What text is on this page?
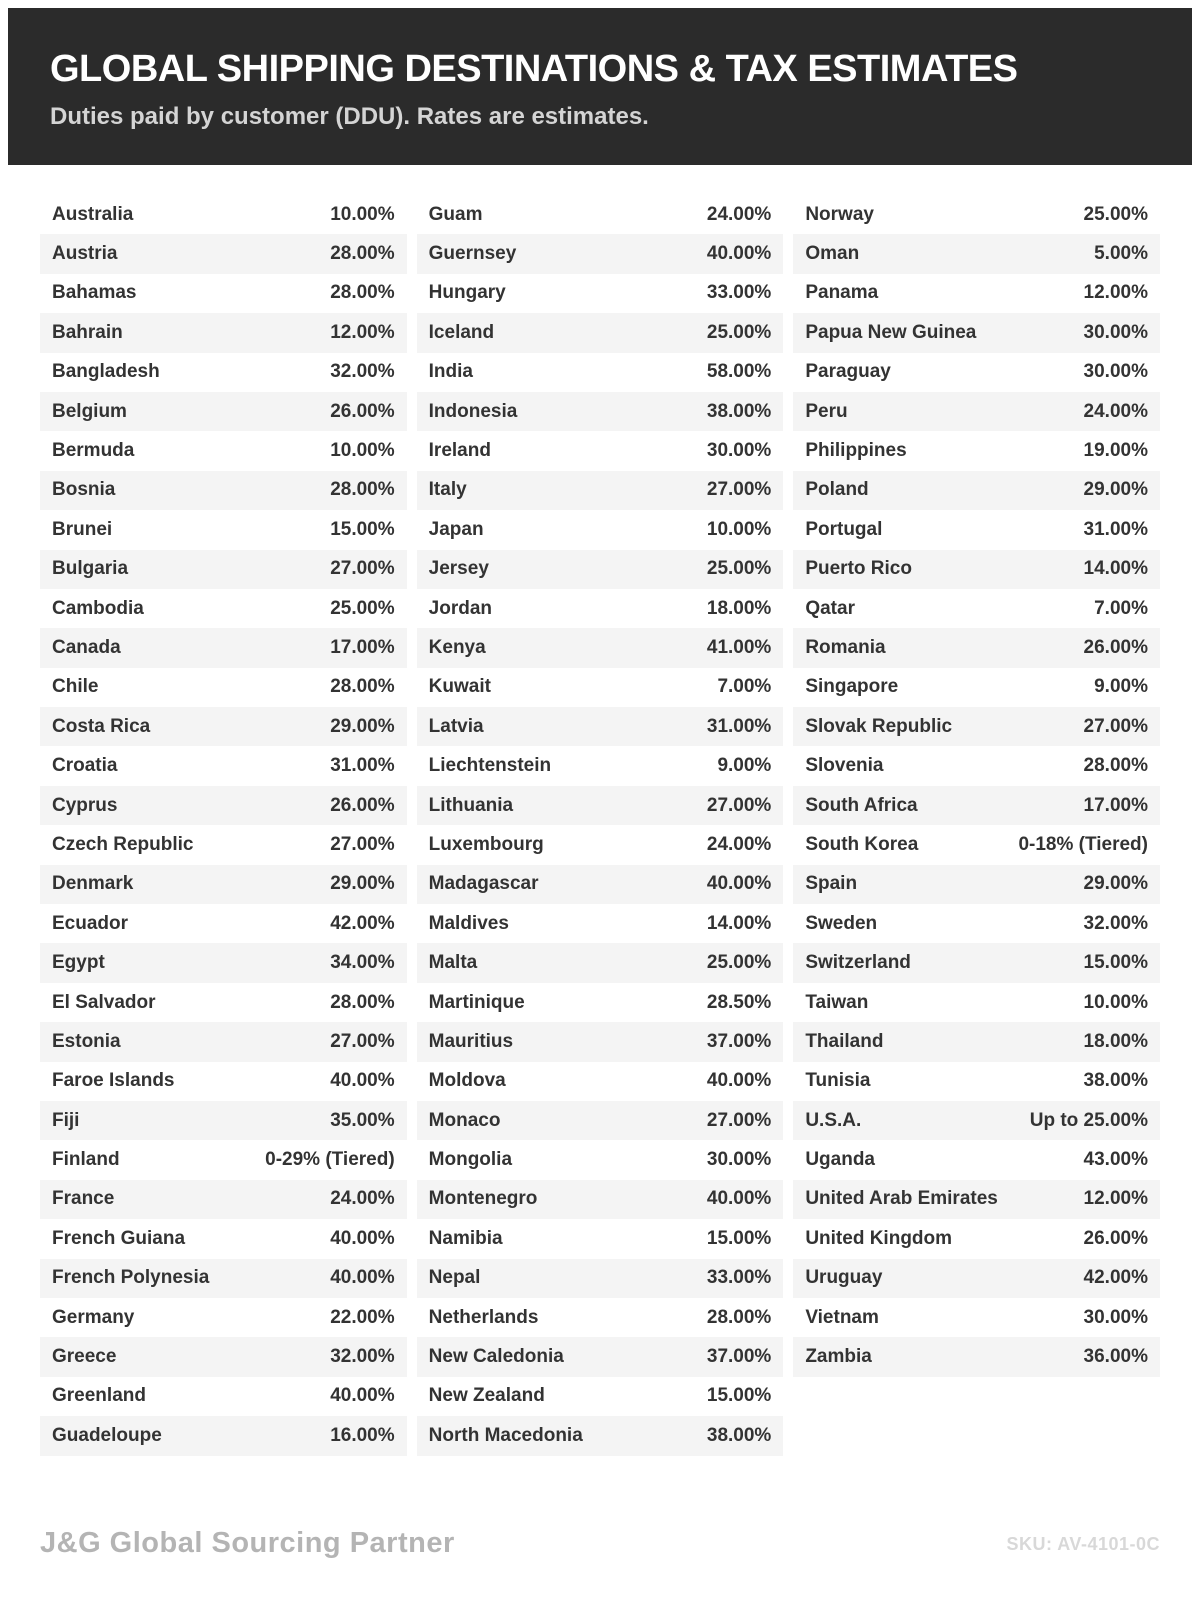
GLOBAL SHIPPING DESTINATIONS & TAX ESTIMATES
Duties paid by customer (DDU). Rates are estimates.
Australia	10.00%
Austria	28.00%
Bahamas	28.00%
Bahrain	12.00%
Bangladesh	32.00%
Belgium	26.00%
Bermuda	10.00%
Bosnia	28.00%
Brunei	15.00%
Bulgaria	27.00%
Cambodia	25.00%
Canada	17.00%
Chile	28.00%
Costa Rica	29.00%
Croatia	31.00%
Cyprus	26.00%
Czech Republic	27.00%
Denmark	29.00%
Ecuador	42.00%
Egypt	34.00%
El Salvador	28.00%
Estonia	27.00%
Faroe Islands	40.00%
Fiji	35.00%
Finland	0-29% (Tiered)
France	24.00%
French Guiana	40.00%
French Polynesia	40.00%
Germany	22.00%
Greece	32.00%
Greenland	40.00%
Guadeloupe	16.00%
Guam	24.00%
Guernsey	40.00%
Hungary	33.00%
Iceland	25.00%
India	58.00%
Indonesia	38.00%
Ireland	30.00%
Italy	27.00%
Japan	10.00%
Jersey	25.00%
Jordan	18.00%
Kenya	41.00%
Kuwait	7.00%
Latvia	31.00%
Liechtenstein	9.00%
Lithuania	27.00%
Luxembourg	24.00%
Madagascar	40.00%
Maldives	14.00%
Malta	25.00%
Martinique	28.50%
Mauritius	37.00%
Moldova	40.00%
Monaco	27.00%
Mongolia	30.00%
Montenegro	40.00%
Namibia	15.00%
Nepal	33.00%
Netherlands	28.00%
New Caledonia	37.00%
New Zealand	15.00%
North Macedonia	38.00%
Norway	25.00%
Oman	5.00%
Panama	12.00%
Papua New Guinea	30.00%
Paraguay	30.00%
Peru	24.00%
Philippines	19.00%
Poland	29.00%
Portugal	31.00%
Puerto Rico	14.00%
Qatar	7.00%
Romania	26.00%
Singapore	9.00%
Slovak Republic	27.00%
Slovenia	28.00%
South Africa	17.00%
South Korea	0-18% (Tiered)
Spain	29.00%
Sweden	32.00%
Switzerland	15.00%
Taiwan	10.00%
Thailand	18.00%
Tunisia	38.00%
U.S.A.	Up to 25.00%
Uganda	43.00%
United Arab Emirates	12.00%
United Kingdom	26.00%
Uruguay	42.00%
Vietnam	30.00%
Zambia	36.00%
J&G Global Sourcing Partner	SKU: AV-4101-0C
